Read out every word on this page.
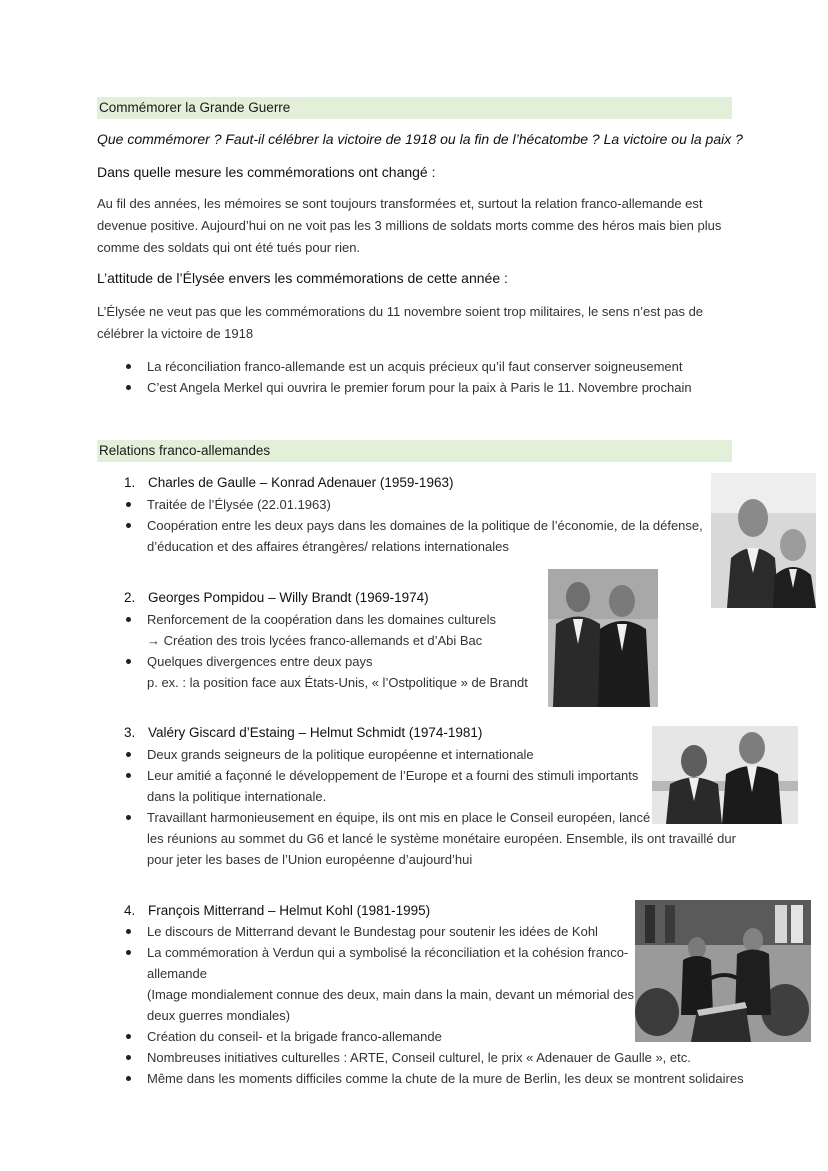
Commémorer la Grande Guerre
Que commémorer ? Faut-il célébrer la victoire de 1918 ou la fin de l’hécatombe ? La victoire ou la paix ?
Dans quelle mesure les commémorations ont changé :
Au fil des années, les mémoires se sont toujours transformées et, surtout la relation franco-allemande est
devenue positive. Aujourd’hui on ne voit pas les 3 millions de soldats morts comme des héros mais bien plus
comme des soldats qui ont été tués pour rien.
L’attitude de l’Élysée envers les commémorations de cette année :
L’Élysée ne veut pas que les commémorations du 11 novembre soient trop militaires, le sens n’est pas de
célébrer la victoire de 1918
La réconciliation franco-allemande est un acquis précieux qu’il faut conserver soigneusement
C’est Angela Merkel qui ouvrira le premier forum pour la paix à Paris le 11. Novembre prochain
Relations franco-allemandes
1. Charles de Gaulle – Konrad Adenauer (1959-1963)
Traitée de l’Élysée (22.01.1963)
Coopération entre les deux pays dans les domaines de la politique de l’économie, de la défense,
d’éducation et des affaires étrangères/ relations internationales
2. Georges Pompidou – Willy Brandt (1969-1974)
Renforcement de la coopération dans les domaines culturels
→ Création des trois lycées franco-allemands et d’Abi Bac
Quelques divergences entre deux pays
p. ex. : la position face aux États-Unis, « l’Ostpolitique » de Brandt
3. Valéry Giscard d’Estaing – Helmut Schmidt (1974-1981)
Deux grands seigneurs de la politique européenne et internationale
Leur amitié a façonné le développement de l’Europe et a fourni des stimuli importants
dans la politique internationale.
Travaillant harmonieusement en équipe, ils ont mis en place le Conseil européen, lancé
les réunions au sommet du G6 et lancé le système monétaire européen. Ensemble, ils ont travaillé dur
pour jeter les bases de l’Union européenne d’aujourd’hui
4. François Mitterrand – Helmut Kohl (1981-1995)
Le discours de Mitterrand devant le Bundestag pour soutenir les idées de Kohl
La commémoration à Verdun qui a symbolisé la réconciliation et la cohésion franco-
allemande
(Image mondialement connue des deux, main dans la main, devant un mémorial des
deux guerres mondiales)
Création du conseil- et la brigade franco-allemande
Nombreuses initiatives culturelles : ARTE, Conseil culturel, le prix « Adenauer de Gaulle », etc.
Même dans les moments difficiles comme la chute de la mure de Berlin, les deux se montrent solidaires
